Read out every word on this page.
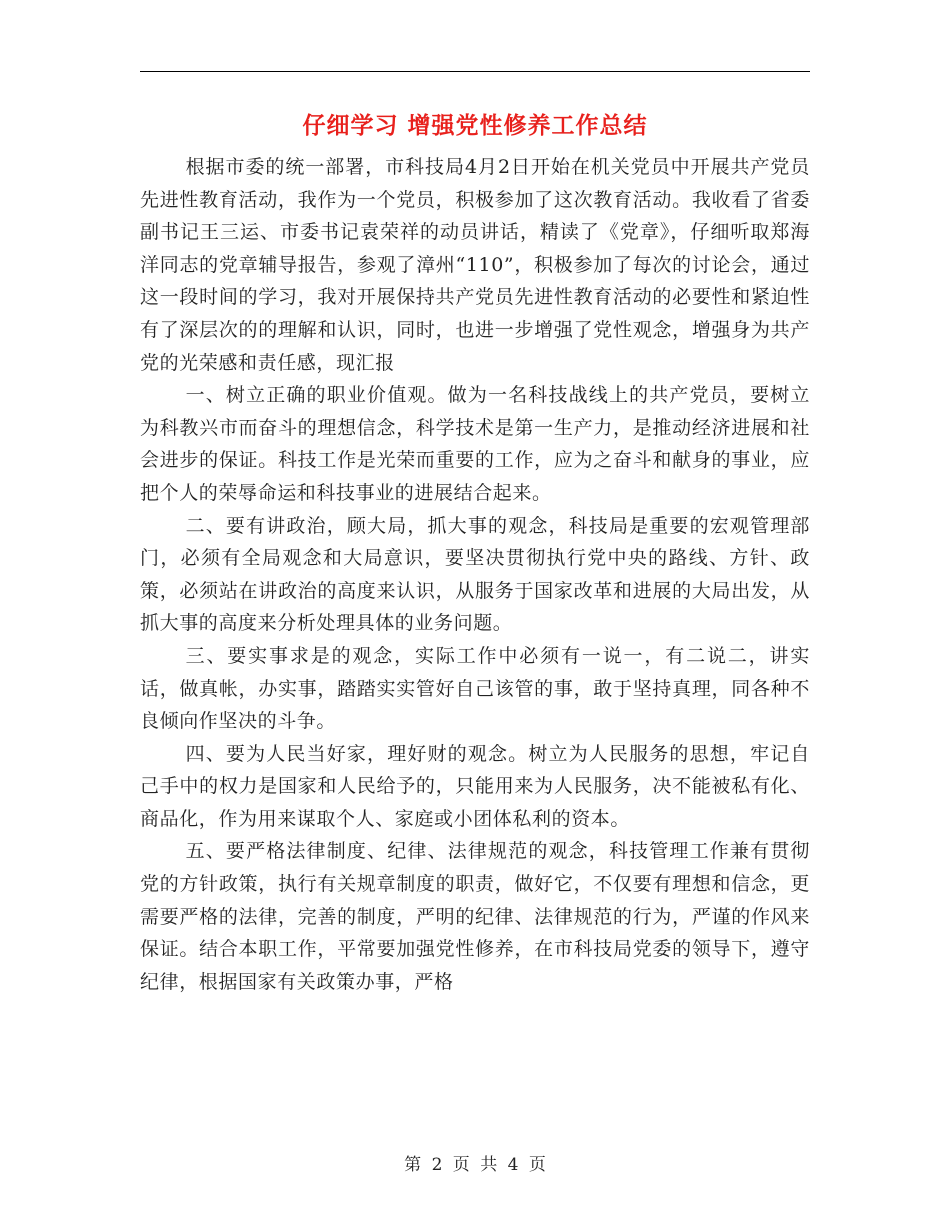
仔细学习 增强党性修养工作总结

根据市委的统一部署，市科技局4月2日开始在机关党员中开展共产党员先进性教育活动，我作为一个党员，积极参加了这次教育活动。我收看了省委副书记王三运、市委书记袁荣祥的动员讲话，精读了《党章》，仔细听取郑海洋同志的党章辅导报告，参观了漳州“110”，积极参加了每次的讨论会，通过这一段时间的学习，我对开展保持共产党员先进性教育活动的必要性和紧迫性有了深层次的的理解和认识，同时，也进一步增强了党性观念，增强身为共产党的光荣感和责任感，现汇报

一、树立正确的职业价值观。做为一名科技战线上的共产党员，要树立为科教兴市而奋斗的理想信念，科学技术是第一生产力，是推动经济进展和社会进步的保证。科技工作是光荣而重要的工作，应为之奋斗和献身的事业，应把个人的荣辱命运和科技事业的进展结合起来。

二、要有讲政治，顾大局，抓大事的观念，科技局是重要的宏观管理部门，必须有全局观念和大局意识，要坚决贯彻执行党中央的路线、方针、政策，必须站在讲政治的高度来认识，从服务于国家改革和进展的大局出发，从抓大事的高度来分析处理具体的业务问题。

三、要实事求是的观念，实际工作中必须有一说一，有二说二，讲实话，做真帐，办实事，踏踏实实管好自己该管的事，敢于坚持真理，同各种不良倾向作坚决的斗争。

四、要为人民当好家，理好财的观念。树立为人民服务的思想，牢记自己手中的权力是国家和人民给予的，只能用来为人民服务，决不能被私有化、商品化，作为用来谋取个人、家庭或小团体私利的资本。

五、要严格法律制度、纪律、法律规范的观念，科技管理工作兼有贯彻党的方针政策，执行有关规章制度的职责，做好它，不仅要有理想和信念，更需要严格的法律，完善的制度，严明的纪律、法律规范的行为，严谨的作风来保证。结合本职工作，平常要加强党性修养，在市科技局党委的领导下，遵守纪律，根据国家有关政策办事，严格

第 2 页 共 4 页
